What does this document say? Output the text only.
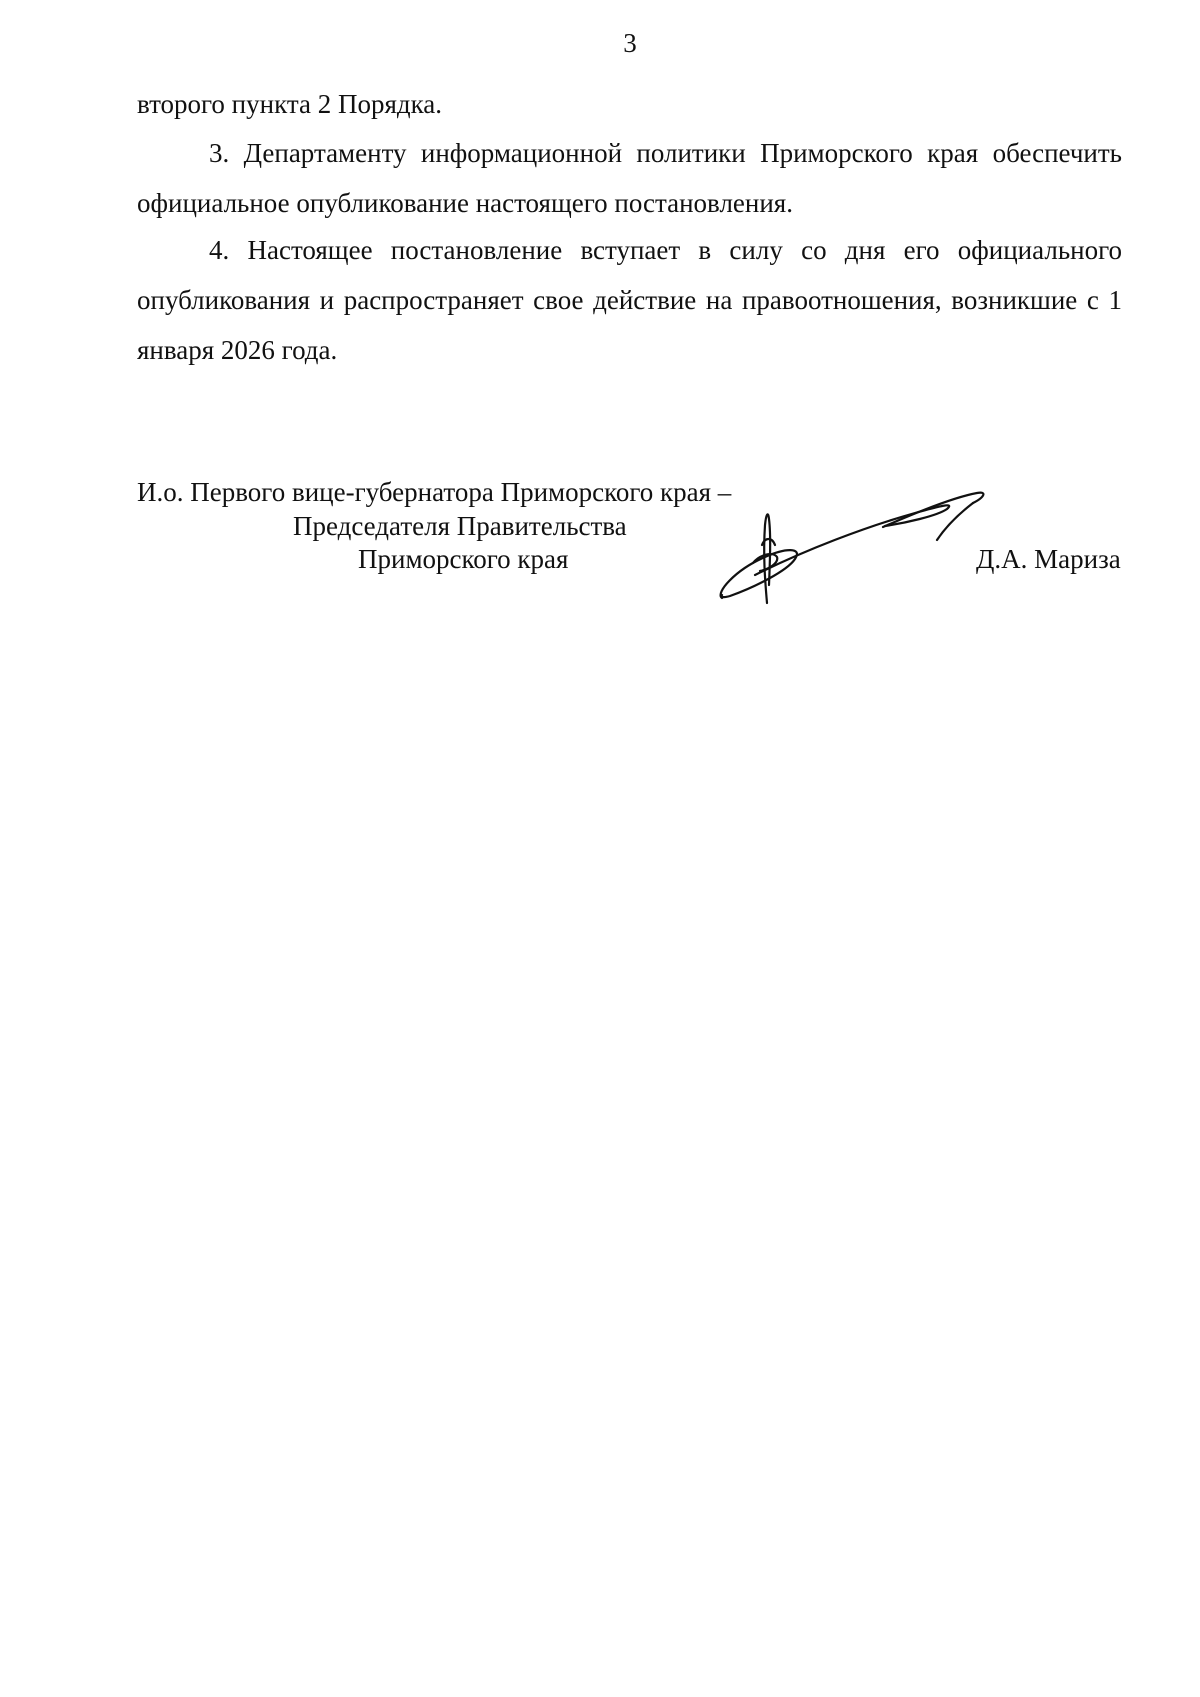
3
второго пункта 2 Порядка.
3. Департаменту информационной политики Приморского края обеспечить официальное опубликование настоящего постановления.
4. Настоящее постановление вступает в силу со дня его официального опубликования и распространяет свое действие на правоотношения, возникшие с 1 января 2026 года.
И.о. Первого вице-губернатора Приморского края –
Председателя Правительства
Приморского края	Д.А. Мариза
